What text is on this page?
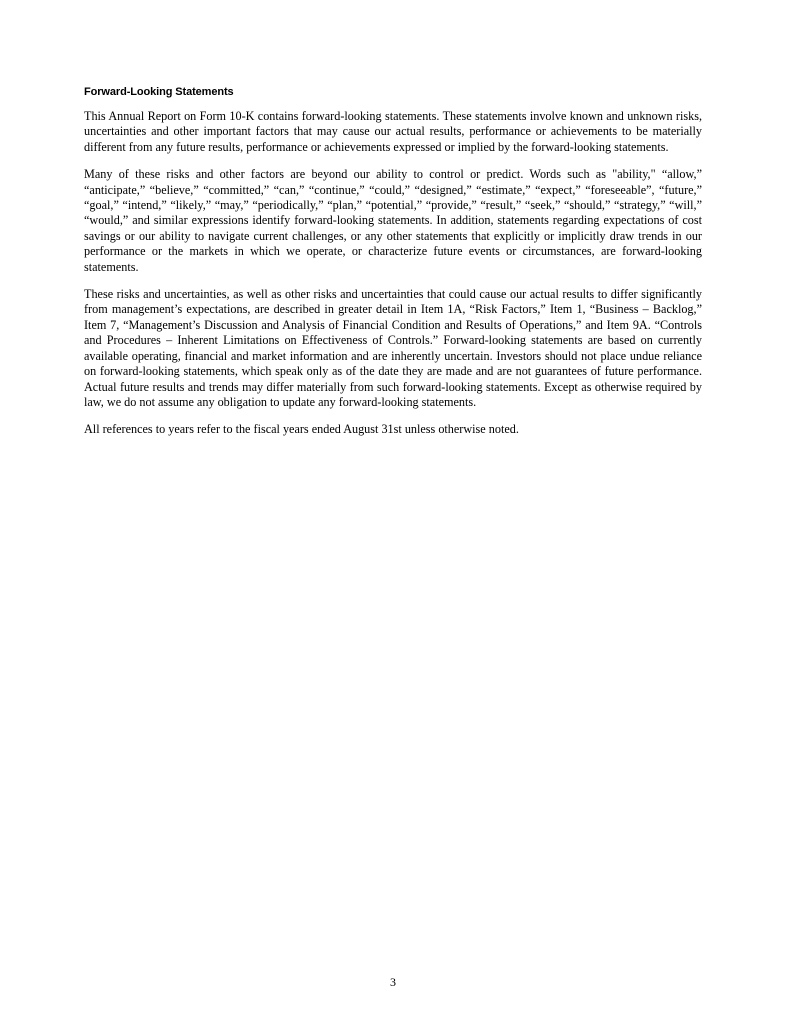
Forward-Looking Statements

This Annual Report on Form 10-K contains forward-looking statements. These statements involve known and unknown risks, uncertainties and other important factors that may cause our actual results, performance or achievements to be materially different from any future results, performance or achievements expressed or implied by the forward-looking statements.

Many of these risks and other factors are beyond our ability to control or predict. Words such as "ability," “allow,” “anticipate,” “believe,” “committed,” “can,” “continue,” “could,” “designed,” “estimate,” “expect,” “foreseeable”, “future,” “goal,” “intend,” “likely,” “may,” “periodically,” “plan,” “potential,” “provide,” “result,” “seek,” “should,” “strategy,” “will,” “would,” and similar expressions identify forward-looking statements. In addition, statements regarding expectations of cost savings or our ability to navigate current challenges, or any other statements that explicitly or implicitly draw trends in our performance or the markets in which we operate, or characterize future events or circumstances, are forward-looking statements.

These risks and uncertainties, as well as other risks and uncertainties that could cause our actual results to differ significantly from management’s expectations, are described in greater detail in Item 1A, “Risk Factors,” Item 1, “Business – Backlog,” Item 7, “Management’s Discussion and Analysis of Financial Condition and Results of Operations,” and Item 9A. “Controls and Procedures – Inherent Limitations on Effectiveness of Controls.” Forward-looking statements are based on currently available operating, financial and market information and are inherently uncertain. Investors should not place undue reliance on forward-looking statements, which speak only as of the date they are made and are not guarantees of future performance. Actual future results and trends may differ materially from such forward-looking statements. Except as otherwise required by law, we do not assume any obligation to update any forward-looking statements.

All references to years refer to the fiscal years ended August 31st unless otherwise noted.

3
